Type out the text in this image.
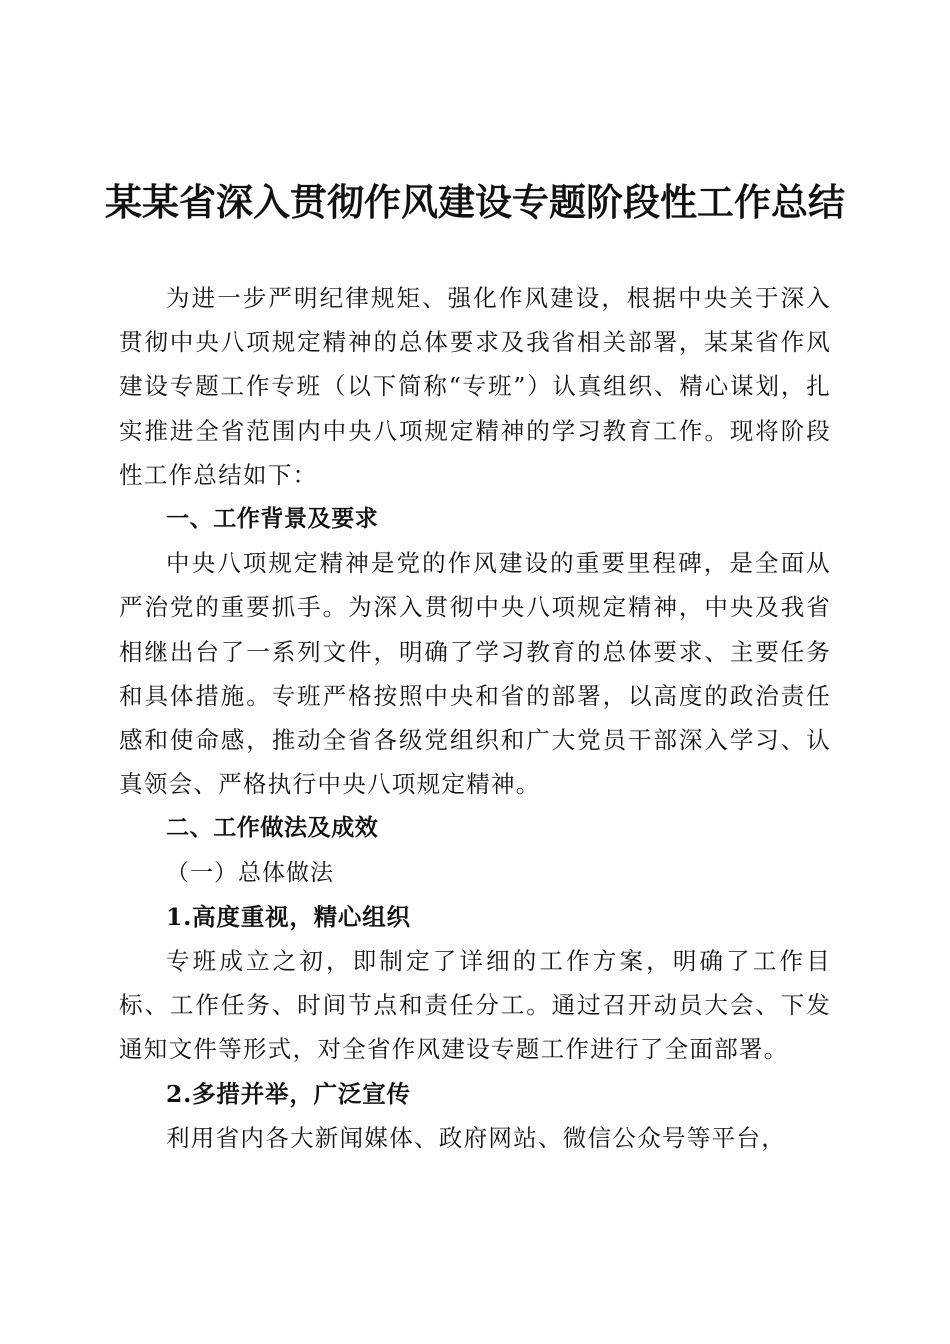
某某省深入贯彻作风建设专题阶段性工作总结

为进一步严明纪律规矩、强化作风建设，根据中央关于深入贯彻中央八项规定精神的总体要求及我省相关部署，某某省作风建设专题工作专班（以下简称“专班”）认真组织、精心谋划，扎实推进全省范围内中央八项规定精神的学习教育工作。现将阶段性工作总结如下：

一、工作背景及要求

中央八项规定精神是党的作风建设的重要里程碑，是全面从严治党的重要抓手。为深入贯彻中央八项规定精神，中央及我省相继出台了一系列文件，明确了学习教育的总体要求、主要任务和具体措施。专班严格按照中央和省的部署，以高度的政治责任感和使命感，推动全省各级党组织和广大党员干部深入学习、认真领会、严格执行中央八项规定精神。

二、工作做法及成效

（一）总体做法

1.高度重视，精心组织

专班成立之初，即制定了详细的工作方案，明确了工作目标、工作任务、时间节点和责任分工。通过召开动员大会、下发通知文件等形式，对全省作风建设专题工作进行了全面部署。

2.多措并举，广泛宣传

利用省内各大新闻媒体、政府网站、微信公众号等平台，
